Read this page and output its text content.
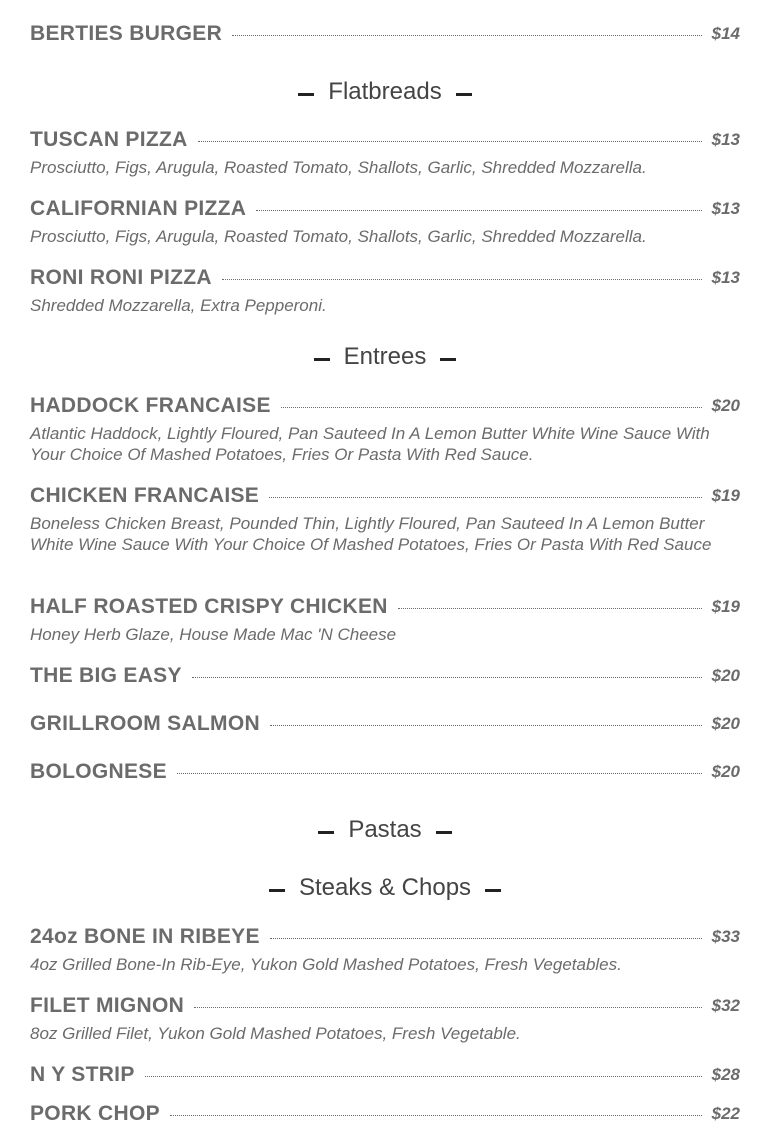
BERTIES BURGER	$14
Flatbreads
TUSCAN PIZZA	$13
Prosciutto, Figs, Arugula, Roasted Tomato, Shallots, Garlic, Shredded Mozzarella.
CALIFORNIAN PIZZA	$13
Prosciutto, Figs, Arugula, Roasted Tomato, Shallots, Garlic, Shredded Mozzarella.
RONI RONI PIZZA	$13
Shredded Mozzarella, Extra Pepperoni.
Entrees
HADDOCK FRANCAISE	$20
Atlantic Haddock, Lightly Floured, Pan Sauteed In A Lemon Butter White Wine Sauce With Your Choice Of Mashed Potatoes, Fries Or Pasta With Red Sauce.
CHICKEN FRANCAISE	$19
Boneless Chicken Breast, Pounded Thin, Lightly Floured, Pan Sauteed In A Lemon Butter White Wine Sauce With Your Choice Of Mashed Potatoes, Fries Or Pasta With Red Sauce
HALF ROASTED CRISPY CHICKEN	$19
Honey Herb Glaze, House Made Mac 'N Cheese
THE BIG EASY	$20
GRILLROOM SALMON	$20
BOLOGNESE	$20
Pastas
Steaks & Chops
24oz BONE IN RIBEYE	$33
4oz Grilled Bone-In Rib-Eye, Yukon Gold Mashed Potatoes, Fresh Vegetables.
FILET MIGNON	$32
8oz Grilled Filet, Yukon Gold Mashed Potatoes, Fresh Vegetable.
N Y STRIP	$28
PORK CHOP	$22
